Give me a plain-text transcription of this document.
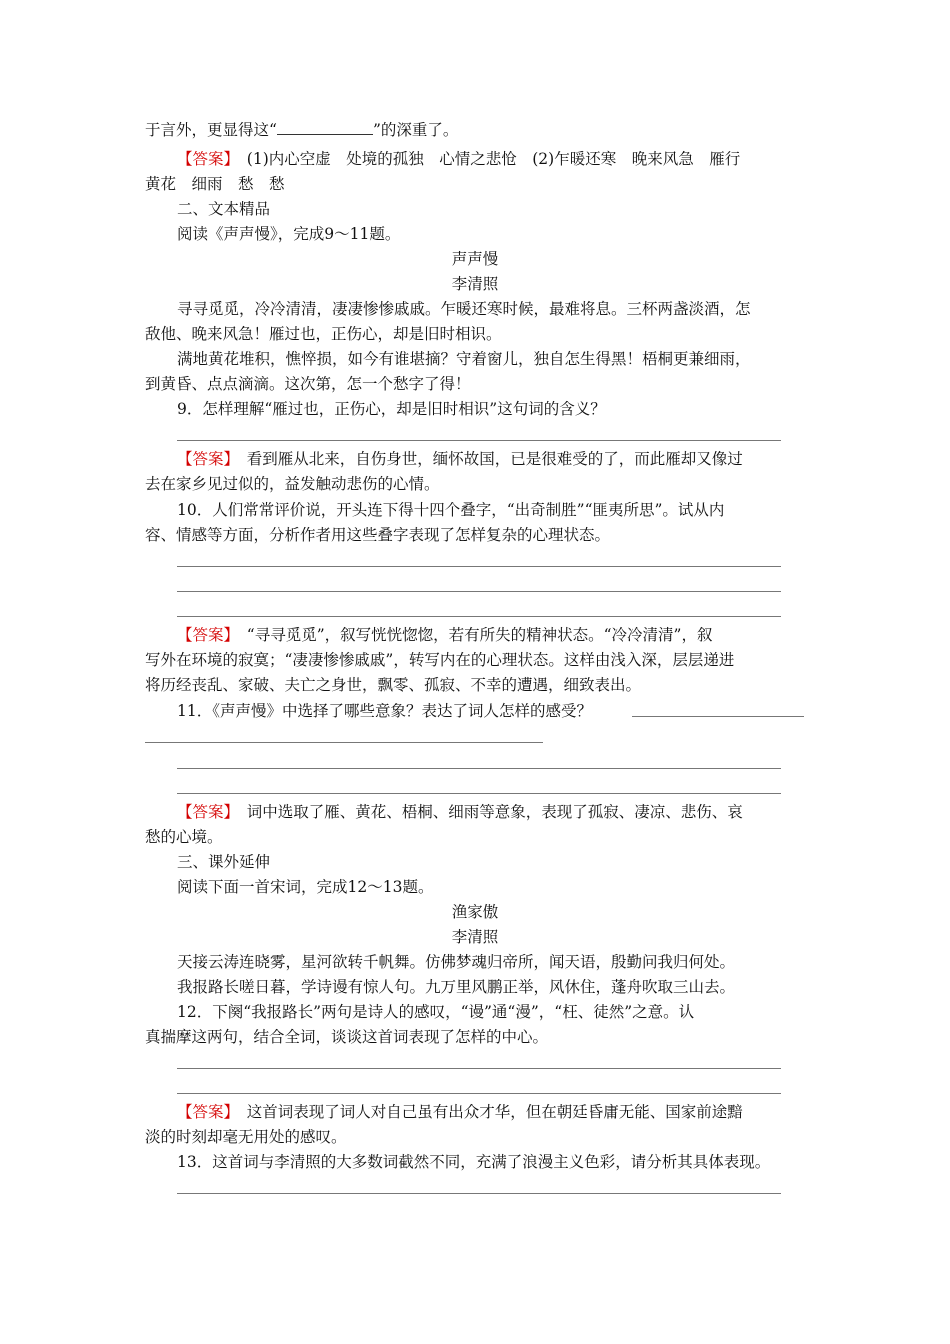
于言外，更显得这“	”的深重了。
【答案】　 (1)内心空虚　处境的孤独　心情之悲怆　(2)乍暖还寒　晚来风急　雁行
黄花　细雨　愁　愁
二、文本精品
阅读《声声慢》，完成9～11题。
声声慢
李清照
寻寻觅觅，冷冷清清，凄凄惨惨戚戚。乍暖还寒时候，最难将息。三杯两盏淡酒，怎
敌他、晚来风急！雁过也，正伤心，却是旧时相识。
满地黄花堆积，憔悴损，如今有谁堪摘？守着窗儿，独自怎生得黑！梧桐更兼细雨，
到黄昏、点点滴滴。这次第，怎一个愁字了得！
9．怎样理解“雁过也，正伤心，却是旧时相识”这句词的含义？
【答案】　 看到雁从北来，自伤身世，缅怀故国，已是很难受的了，而此雁却又像过
去在家乡见过似的，益发触动悲伤的心情。
10．人们常常评价说，开头连下得十四个叠字，“出奇制胜”“匪夷所思”。试从内
容、情感等方面，分析作者用这些叠字表现了怎样复杂的心理状态。
【答案】　 “寻寻觅觅”，叙写恍恍惚惚，若有所失的精神状态。“冷冷清清”，叙
写外在环境的寂寞；“凄凄惨惨戚戚”，转写内在的心理状态。这样由浅入深，层层递进
将历经丧乱、家破、夫亡之身世，飘零、孤寂、不幸的遭遇，细致表出。
11．《声声慢》中选择了哪些意象？表达了词人怎样的感受？
【答案】　 词中选取了雁、黄花、梧桐、细雨等意象，表现了孤寂、凄凉、悲伤、哀
愁的心境。
三、课外延伸
阅读下面一首宋词，完成12～13题。
渔家傲
李清照
天接云涛连晓雾，星河欲转千帆舞。仿佛梦魂归帝所，闻天语，殷勤问我归何处。
我报路长嗟日暮，学诗谩有惊人句。九万里风鹏正举，风休住，蓬舟吹取三山去。
12．下阕“我报路长”两句是诗人的感叹，“谩”通“漫”，“枉、徒然”之意。认
真揣摩这两句，结合全词，谈谈这首词表现了怎样的中心。
【答案】　 这首词表现了词人对自己虽有出众才华，但在朝廷昏庸无能、国家前途黯
淡的时刻却毫无用处的感叹。
13．这首词与李清照的大多数词截然不同，充满了浪漫主义色彩，请分析其具体表现。
